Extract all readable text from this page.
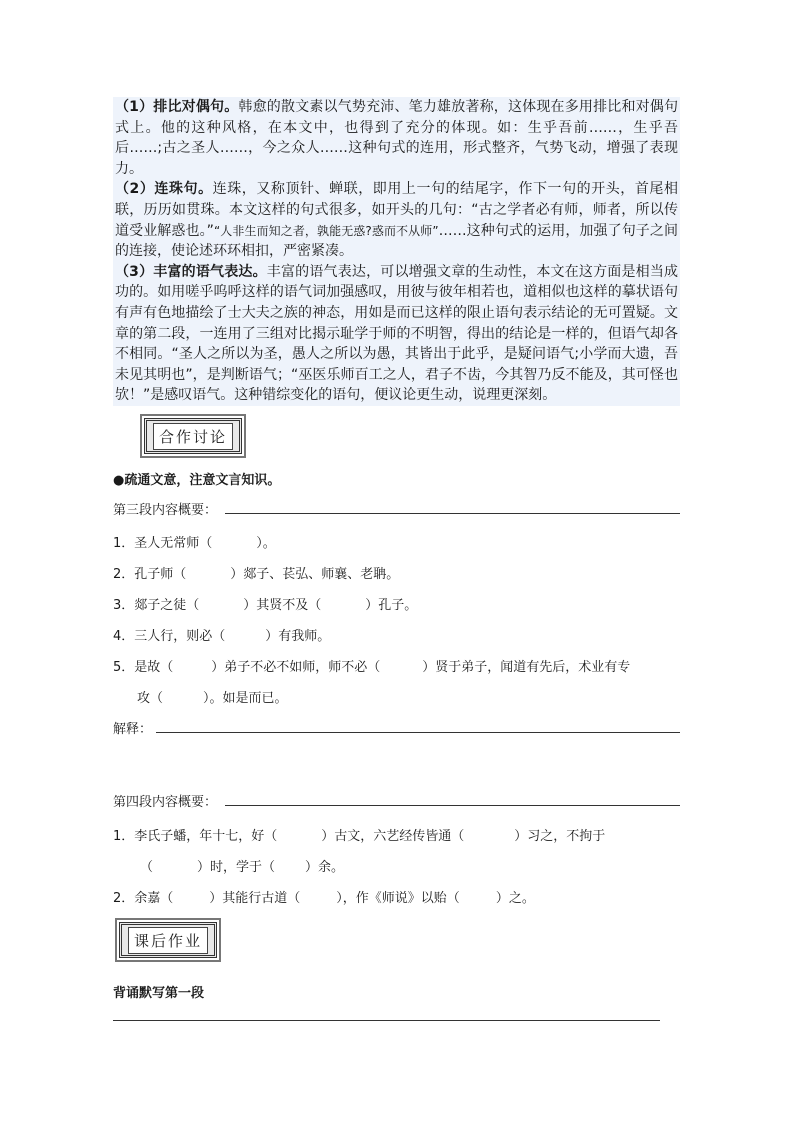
（1）排比对偶句。韩愈的散文素以气势充沛、笔力雄放著称，这体现在多用排比和对偶句式上。他的这种风格，在本文中，也得到了充分的体现。如：生乎吾前……，生乎吾后……;古之圣人……，今之众人……这种句式的连用，形式整齐，气势飞动，增强了表现力。

（2）连珠句。连珠，又称顶针、蝉联，即用上一句的结尾字，作下一句的开头，首尾相联，历历如贯珠。本文这样的句式很多，如开头的几句：“古之学者必有师，师者，所以传道受业解惑也。”“人非生而知之者，孰能无惑?惑而不从师”……这种句式的运用，加强了句子之间的连接，使论述环环相扣，严密紧凑。

（3）丰富的语气表达。丰富的语气表达，可以增强文章的生动性，本文在这方面是相当成功的。如用嗟乎呜呼这样的语气词加强感叹，用彼与彼年相若也，道相似也这样的摹状语句有声有色地描绘了士大夫之族的神态，用如是而已这样的限止语句表示结论的无可置疑。文章的第二段，一连用了三组对比揭示耻学于师的不明智，得出的结论是一样的，但语气却各不相同。“圣人之所以为圣，愚人之所以为愚，其皆出于此乎，是疑问语气;小学而大遗，吾未见其明也”，是判断语气；“巫医乐师百工之人，君子不齿，今其智乃反不能及，其可怪也欤！”是感叹语气。这种错综变化的语句，便议论更生动，说理更深刻。

合作讨论
●疏通文意，注意文言知识。
第三段内容概要：
1．圣人无常师（	）。
2．孔子师（	）郯子、苌弘、师襄、老聃。
3．郯子之徒（	）其贤不及（	）孔子。
4．三人行，则必（	）有我师。
5．是故（	）弟子不必不如师，师不必（	）贤于弟子，闻道有先后，术业有专
攻（	）。如是而已。
解释：
第四段内容概要：
1．李氏子蟠，年十七，好（	）古文，六艺经传皆通（	）习之，不拘于
（	）时，学于（ ）余。
2．余嘉（	）其能行古道（	），作《师说》以贻（	）之。
课后作业
背诵默写第一段
